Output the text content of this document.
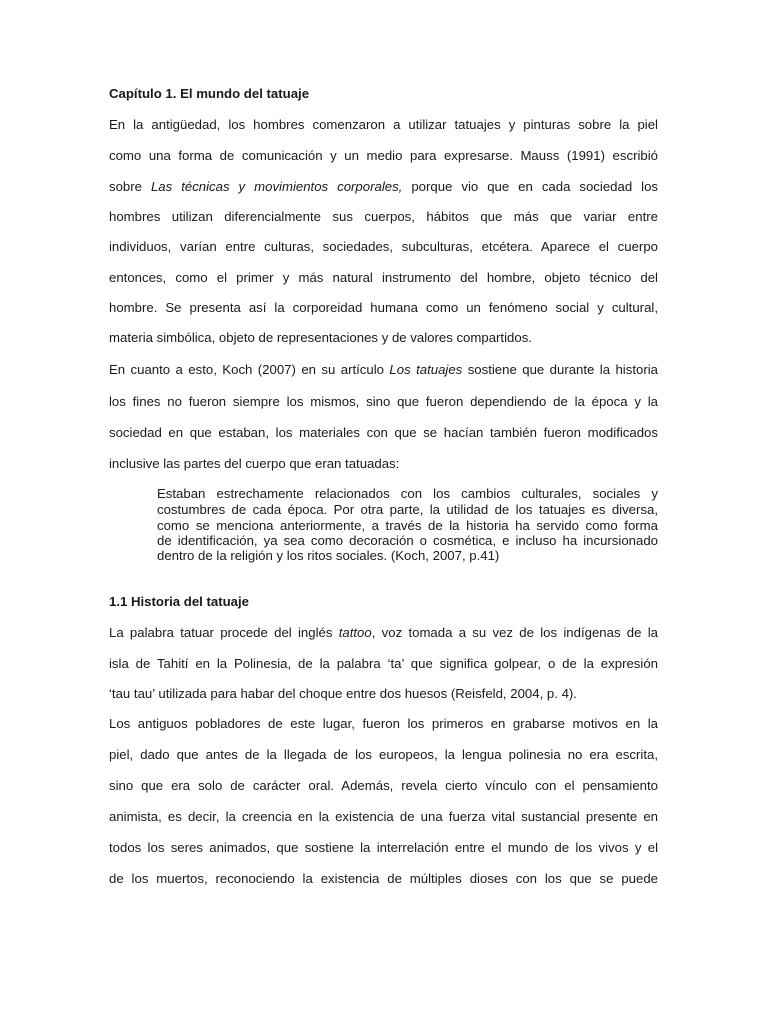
Capítulo 1. El mundo del tatuaje
En la antigüedad, los hombres comenzaron a utilizar tatuajes y pinturas sobre la piel
como una forma de comunicación y un medio para expresarse. Mauss (1991) escribió
sobre Las técnicas y movimientos corporales, porque vio que en cada sociedad los
hombres utilizan diferencialmente sus cuerpos, hábitos que más que variar entre
individuos, varían entre culturas, sociedades, subculturas, etcétera. Aparece el cuerpo
entonces, como el primer y más natural instrumento del hombre, objeto técnico del
hombre. Se presenta así la corporeidad humana como un fenómeno social y cultural,
materia simbólica, objeto de representaciones y de valores compartidos.
En cuanto a esto, Koch (2007) en su artículo Los tatuajes sostiene que durante la historia
los fines no fueron siempre los mismos, sino que fueron dependiendo de la época y la
sociedad en que estaban, los materiales con que se hacían también fueron modificados
inclusive las partes del cuerpo que eran tatuadas:
Estaban estrechamente relacionados con los cambios culturales, sociales y
costumbres de cada época. Por otra parte, la utilidad de los tatuajes es diversa,
como se menciona anteriormente, a través de la historia ha servido como forma
de identificación, ya sea como decoración o cosmética, e incluso ha incursionado
dentro de la religión y los ritos sociales. (Koch, 2007, p.41)
1.1 Historia del tatuaje
La palabra tatuar procede del inglés tattoo, voz tomada a su vez de los indígenas de la
isla de Tahití en la Polinesia, de la palabra ‘ta’ que significa golpear, o de la expresión
‘tau tau’ utilizada para habar del choque entre dos huesos (Reisfeld, 2004, p. 4).
Los antiguos pobladores de este lugar, fueron los primeros en grabarse motivos en la
piel, dado que antes de la llegada de los europeos, la lengua polinesia no era escrita,
sino que era solo de carácter oral. Además, revela cierto vínculo con el pensamiento
animista, es decir, la creencia en la existencia de una fuerza vital sustancial presente en
todos los seres animados, que sostiene la interrelación entre el mundo de los vivos y el
de los muertos, reconociendo la existencia de múltiples dioses con los que se puede
